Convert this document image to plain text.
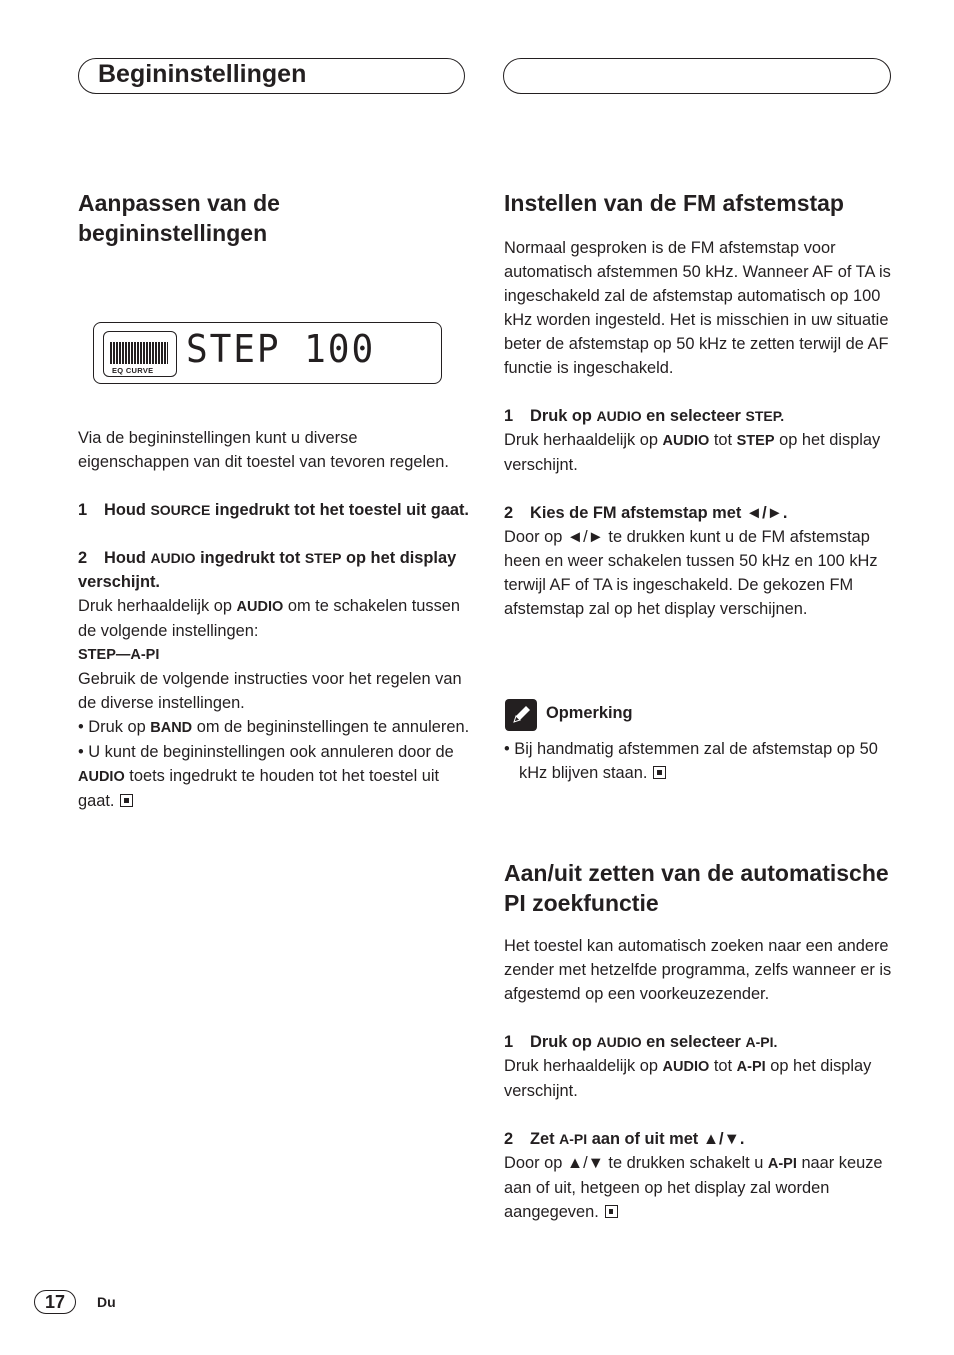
Begininstellingen
Aanpassen van de begininstellingen
EQ CURVE STEP 100

Via de begininstellingen kunt u diverse eigenschappen van dit toestel van tevoren regelen.

1 Houd SOURCE ingedrukt tot het toestel uit gaat.

2 Houd AUDIO ingedrukt tot STEP op het display verschijnt.

Druk herhaaldelijk op AUDIO om te schakelen tussen de volgende instellingen:

STEP—A-PI

Gebruik de volgende instructies voor het regelen van de diverse instellingen.

• Druk op BAND om de begininstellingen te annuleren.

• U kunt de begininstellingen ook annuleren door de AUDIO toets ingedrukt te houden tot het toestel uit gaat.

Instellen van de FM afstemstap

Normaal gesproken is de FM afstemstap voor automatisch afstemmen 50 kHz. Wanneer AF of TA is ingeschakeld zal de afstemstap automatisch op 100 kHz worden ingesteld. Het is misschien in uw situatie beter de afstemstap op 50 kHz te zetten terwijl de AF functie is ingeschakeld.

1 Druk op AUDIO en selecteer STEP.

Druk herhaaldelijk op AUDIO tot STEP op het display verschijnt.

2 Kies de FM afstemstap met ◄/►.

Door op ◄/► te drukken kunt u de FM afstemstap heen en weer schakelen tussen 50 kHz en 100 kHz terwijl AF of TA is ingeschakeld. De gekozen FM afstemstap zal op het display verschijnen.

Opmerking

• Bij handmatig afstemmen zal de afstemstap op 50 kHz blijven staan.

Aan/uit zetten van de automatische PI zoekfunctie

Het toestel kan automatisch zoeken naar een andere zender met hetzelfde programma, zelfs wanneer er is afgestemd op een voorkeuzezender.

1 Druk op AUDIO en selecteer A-PI.

Druk herhaaldelijk op AUDIO tot A-PI op het display verschijnt.

2 Zet A-PI aan of uit met ▲/▼.

Door op ▲/▼ te drukken schakelt u A-PI naar keuze aan of uit, hetgeen op het display zal worden aangegeven.

17	Du
